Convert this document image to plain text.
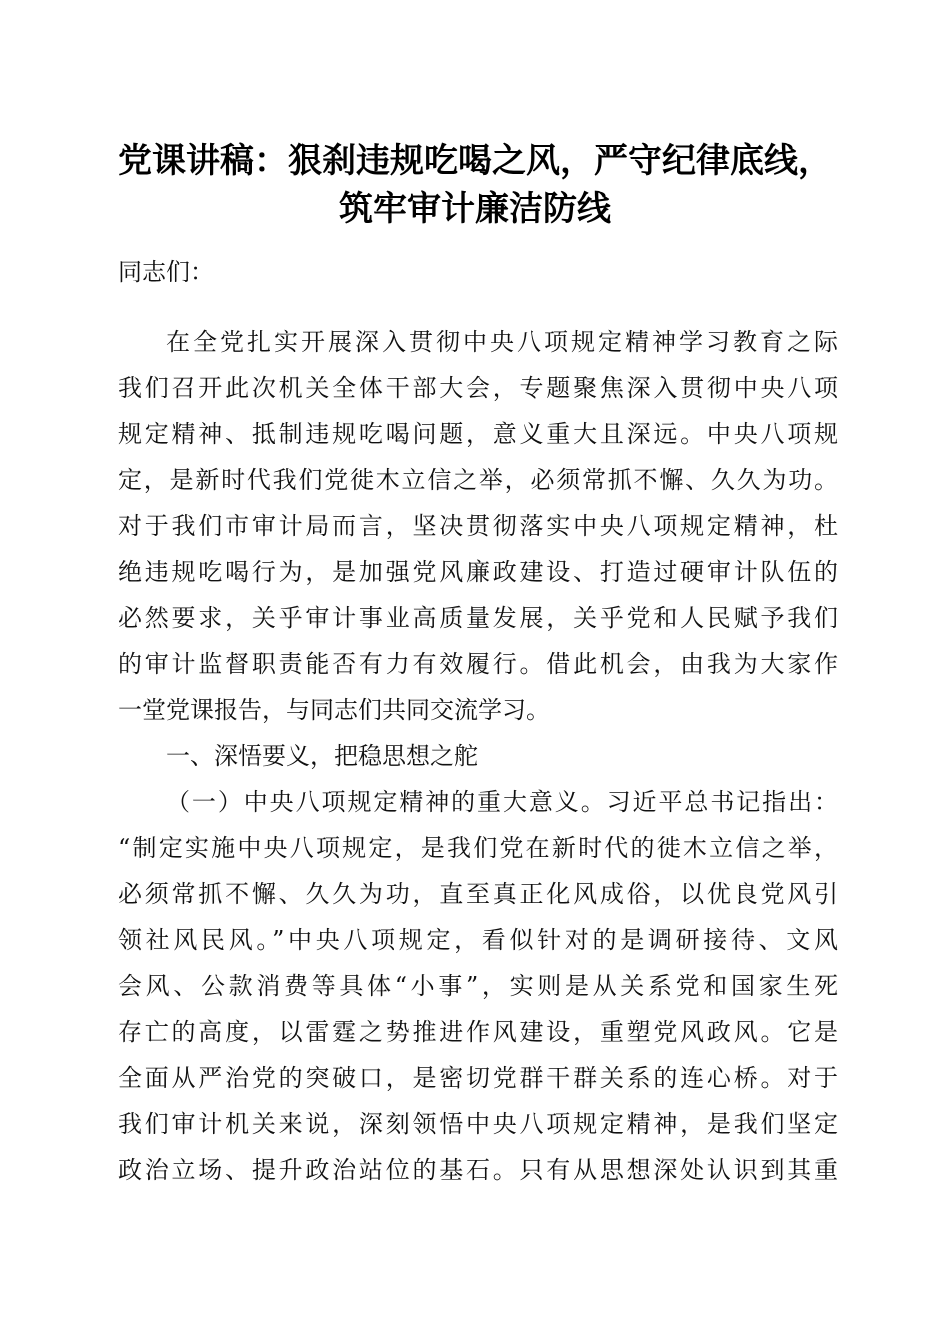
党课讲稿：狠刹违规吃喝之风，严守纪律底线，
筑牢审计廉洁防线
同志们：
在全党扎实开展深入贯彻中央八项规定精神学习教育之际
我们召开此次机关全体干部大会，专题聚焦深入贯彻中央八项
规定精神、抵制违规吃喝问题，意义重大且深远。中央八项规
定，是新时代我们党徙木立信之举，必须常抓不懈、久久为功。
对于我们市审计局而言，坚决贯彻落实中央八项规定精神，杜
绝违规吃喝行为，是加强党风廉政建设、打造过硬审计队伍的
必然要求，关乎审计事业高质量发展，关乎党和人民赋予我们
的审计监督职责能否有力有效履行。借此机会，由我为大家作
一堂党课报告，与同志们共同交流学习。
一、深悟要义，把稳思想之舵
（一）中央八项规定精神的重大意义。习近平总书记指出：
“制定实施中央八项规定，是我们党在新时代的徙木立信之举，
必须常抓不懈、久久为功，直至真正化风成俗，以优良党风引
领社风民风。”中央八项规定，看似针对的是调研接待、文风
会风、公款消费等具体“小事”，实则是从关系党和国家生死
存亡的高度，以雷霆之势推进作风建设，重塑党风政风。它是
全面从严治党的突破口，是密切党群干群关系的连心桥。对于
我们审计机关来说，深刻领悟中央八项规定精神，是我们坚定
政治立场、提升政治站位的基石。只有从思想深处认识到其重
